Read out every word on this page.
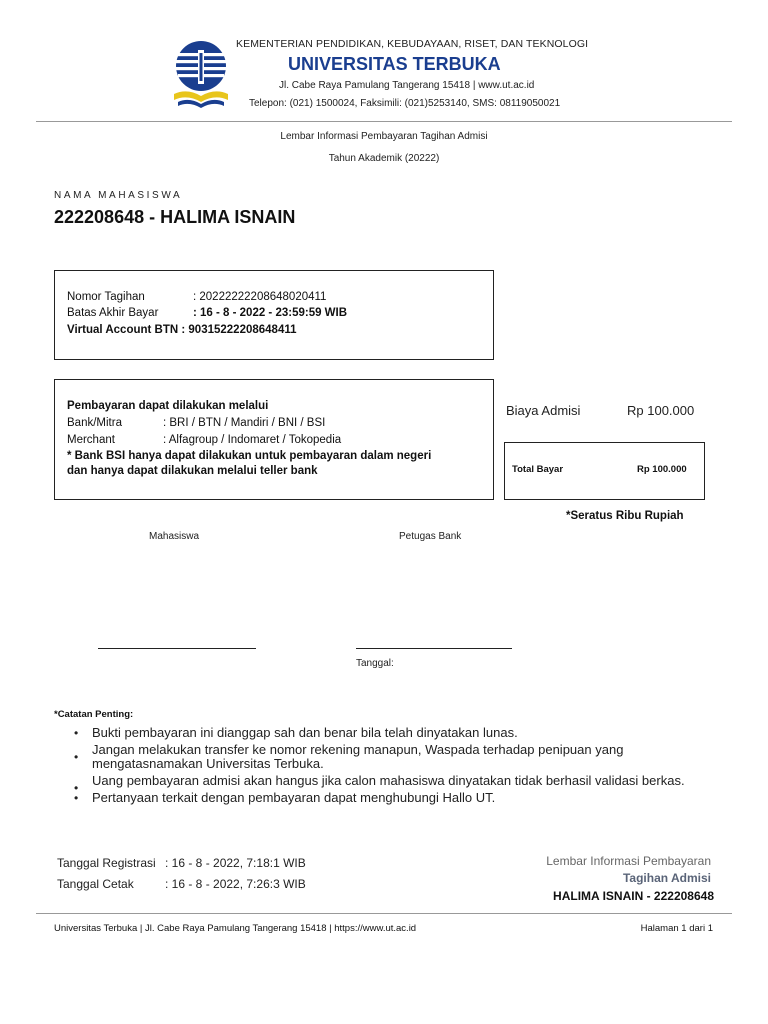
KEMENTERIAN PENDIDIKAN, KEBUDAYAAN, RISET, DAN TEKNOLOGI
UNIVERSITAS TERBUKA
Jl. Cabe Raya Pamulang Tangerang 15418 | www.ut.ac.id
Telepon: (021) 1500024, Faksimili: (021)5253140, SMS: 08119050021
Lembar Informasi Pembayaran Tagihan Admisi
Tahun Akademik (20222)
NAMA MAHASISWA
222208648 - HALIMA ISNAIN
Nomor Tagihan	: 20222222208648020411
Batas Akhir Bayar	: 16 - 8 - 2022 - 23:59:59 WIB
Virtual Account BTN : 90315222208648411
Pembayaran dapat dilakukan melalui
Bank/Mitra	: BRI / BTN / Mandiri / BNI / BSI
Merchant	: Alfagroup / Indomaret / Tokopedia
* Bank BSI hanya dapat dilakukan untuk pembayaran dalam negeri
dan hanya dapat dilakukan melalui teller bank
Biaya Admisi	Rp 100.000
Total Bayar	Rp 100.000
*Seratus Ribu Rupiah
Mahasiswa	Petugas Bank
Tanggal:
*Catatan Penting:
• Bukti pembayaran ini dianggap sah dan benar bila telah dinyatakan lunas.
• Jangan melakukan transfer ke nomor rekening manapun, Waspada terhadap penipuan yang mengatasnamakan Universitas Terbuka.
• Uang pembayaran admisi akan hangus jika calon mahasiswa dinyatakan tidak berhasil validasi berkas.
• Pertanyaan terkait dengan pembayaran dapat menghubungi Hallo UT.
Tanggal Registrasi : 16 - 8 - 2022, 7:18:1 WIB
Tanggal Cetak	: 16 - 8 - 2022, 7:26:3 WIB
Lembar Informasi Pembayaran
Tagihan Admisi
HALIMA ISNAIN - 222208648
Universitas Terbuka | Jl. Cabe Raya Pamulang Tangerang 15418 | https://www.ut.ac.id	Halaman 1 dari 1
